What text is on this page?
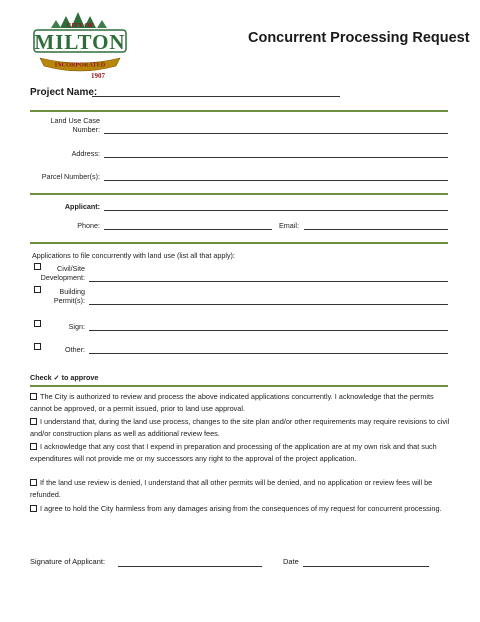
CITY OF
MILTON
INCORPORATED
1907
Concurrent Processing Request
Project Name:
Land Use Case
Number:
Address:
Parcel Number(s):
Applicant:
Phone:	Email:
Applications to file concurrently with land use (list all that apply):
Civil/Site
Development:
Building
Permit(s):
Sign:
Other:
Check ✓ to approve
The City is authorized to review and process the above indicated applications concurrently. I acknowledge that the permits cannot be approved, or a permit issued, prior to land use approval.
I understand that, during the land use process, changes to the site plan and/or other requirements may require revisions to civil and/or construction plans as well as additional review fees.
I acknowledge that any cost that I expend in preparation and processing of the application are at my own risk and that such expenditures will not provide me or my successors any right to the approval of the project application.
If the land use review is denied, I understand that all other permits will be denied, and no application or review fees will be refunded.
I agree to hold the City harmless from any damages arising from the consequences of my request for concurrent processing.
Signature of Applicant:	Date
